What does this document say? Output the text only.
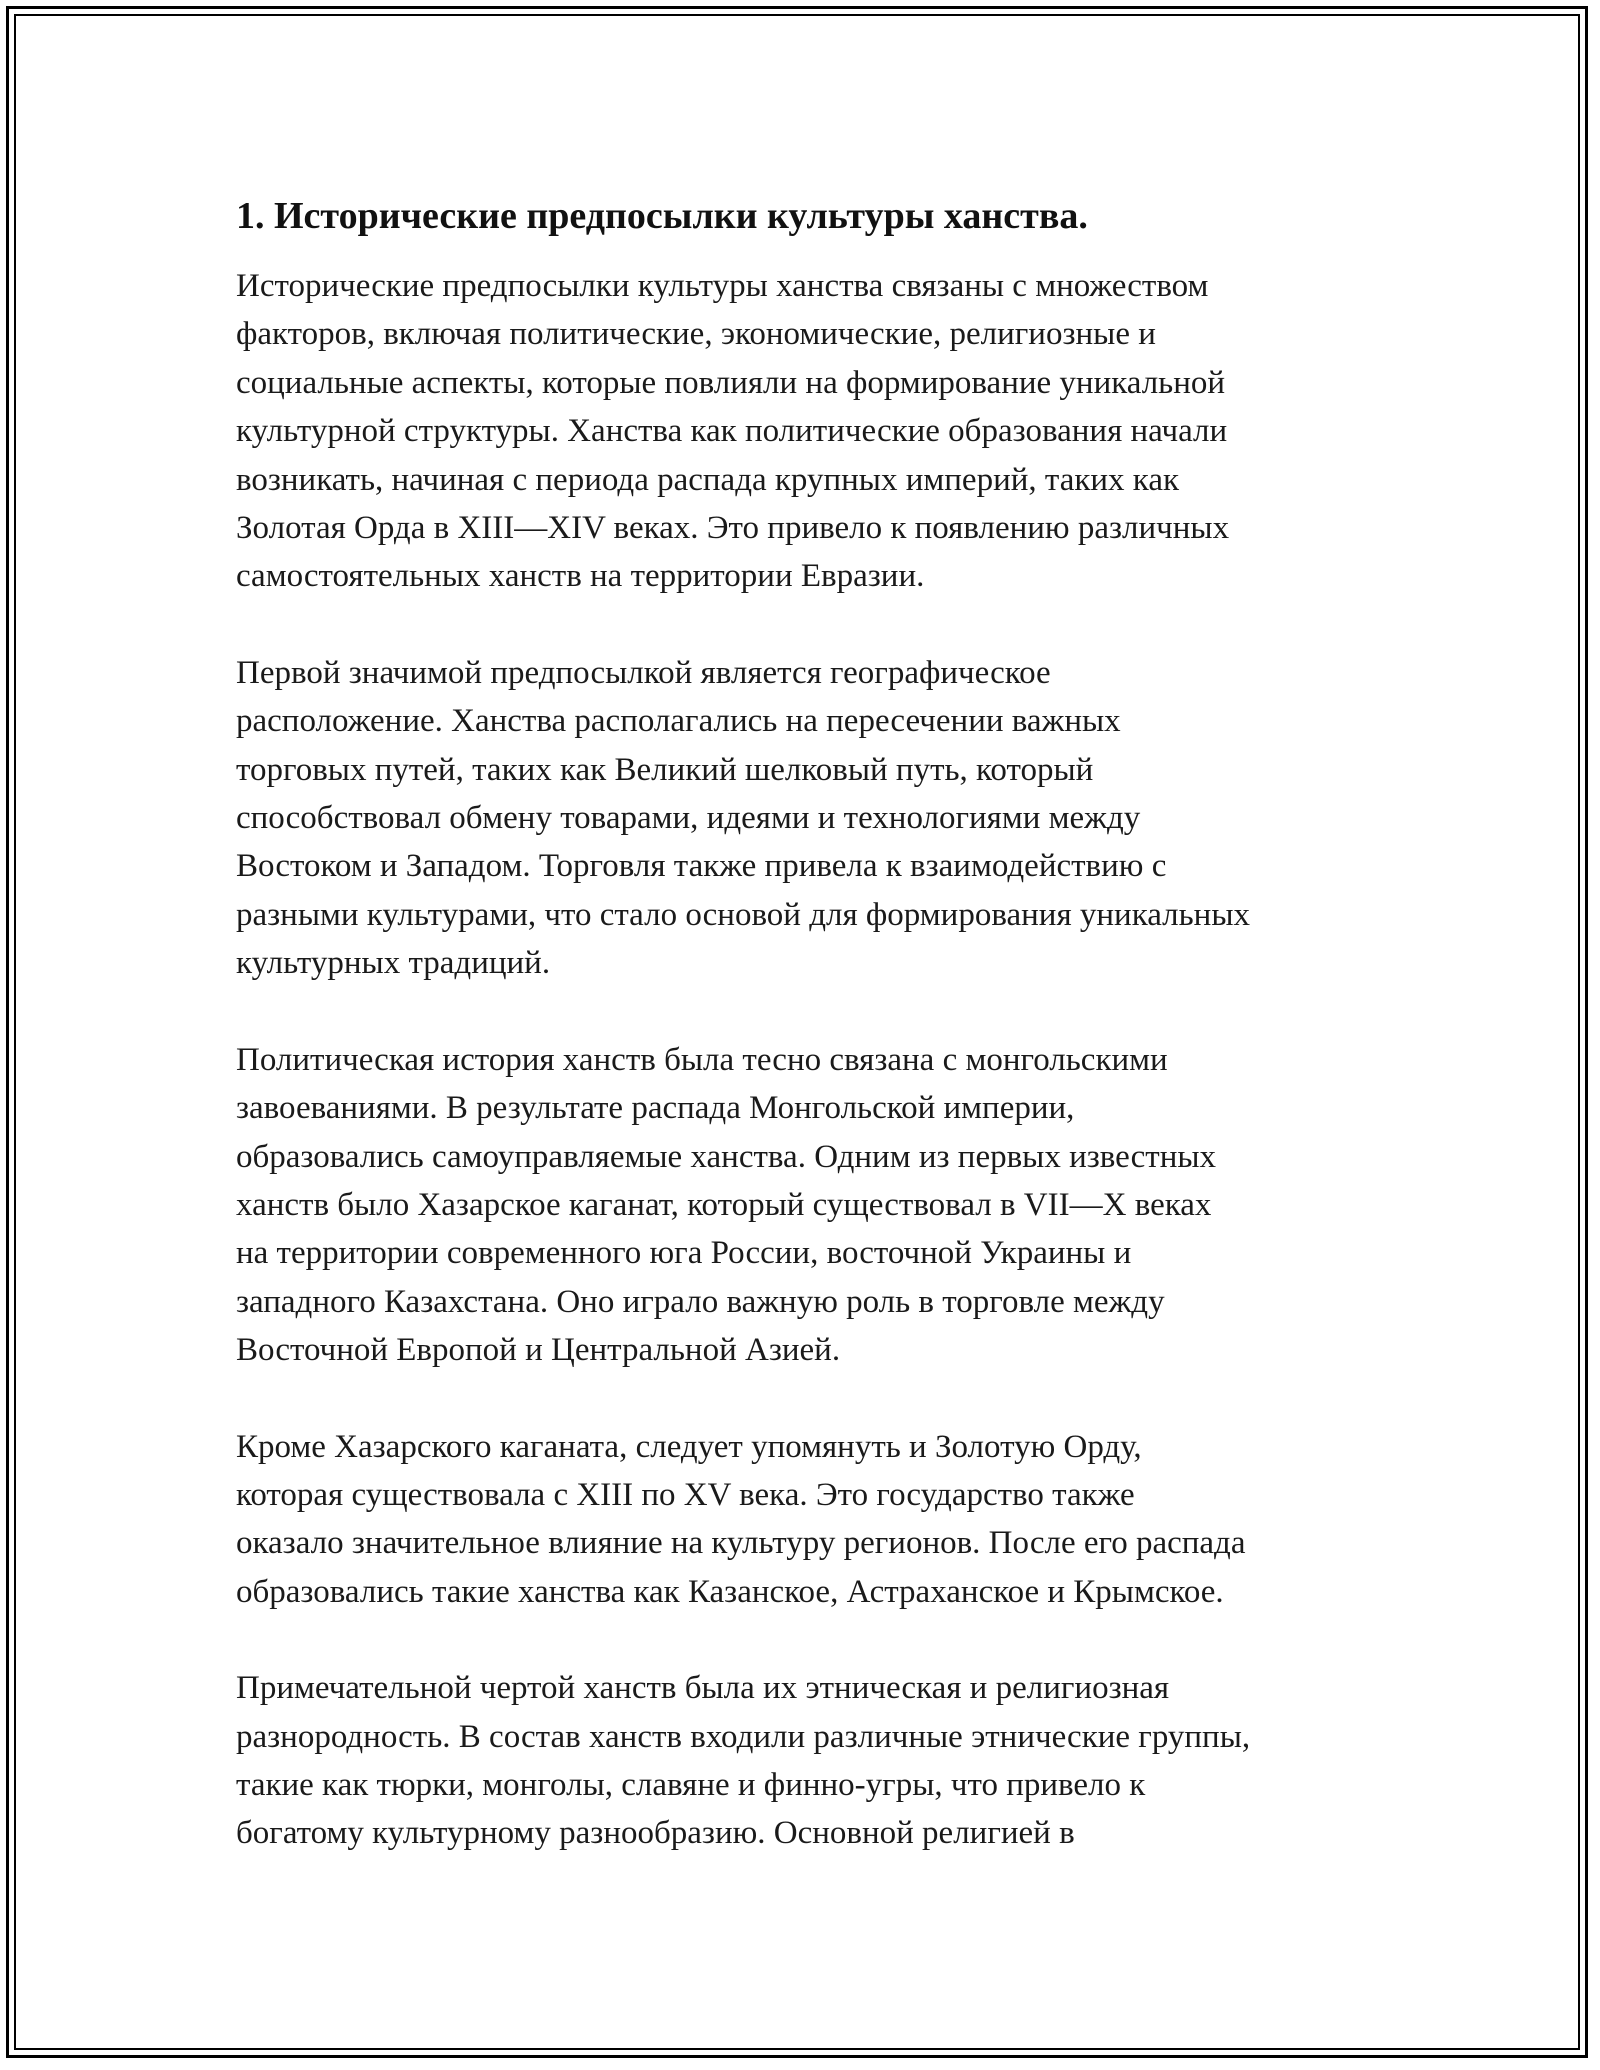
1. Исторические предпосылки культуры ханства.

Исторические предпосылки культуры ханства связаны с множеством
факторов, включая политические, экономические, религиозные и
социальные аспекты, которые повлияли на формирование уникальной
культурной структуры. Ханства как политические образования начали
возникать, начиная с периода распада крупных империй, таких как
Золотая Орда в XIII—XIV веках. Это привело к появлению различных
самостоятельных ханств на территории Евразии.

Первой значимой предпосылкой является географическое
расположение. Ханства располагались на пересечении важных
торговых путей, таких как Великий шелковый путь, который
способствовал обмену товарами, идеями и технологиями между
Востоком и Западом. Торговля также привела к взаимодействию с
разными культурами, что стало основой для формирования уникальных
культурных традиций.

Политическая история ханств была тесно связана с монгольскими
завоеваниями. В результате распада Монгольской империи,
образовались самоуправляемые ханства. Одним из первых известных
ханств было Хазарское каганат, который существовал в VII—X веках
на территории современного юга России, восточной Украины и
западного Казахстана. Оно играло важную роль в торговле между
Восточной Европой и Центральной Азией.

Кроме Хазарского каганата, следует упомянуть и Золотую Орду,
которая существовала с XIII по XV века. Это государство также
оказало значительное влияние на культуру регионов. После его распада
образовались такие ханства как Казанское, Астраханское и Крымское.

Примечательной чертой ханств была их этническая и религиозная
разнородность. В состав ханств входили различные этнические группы,
такие как тюрки, монголы, славяне и финно-угры, что привело к
богатому культурному разнообразию. Основной религией в
